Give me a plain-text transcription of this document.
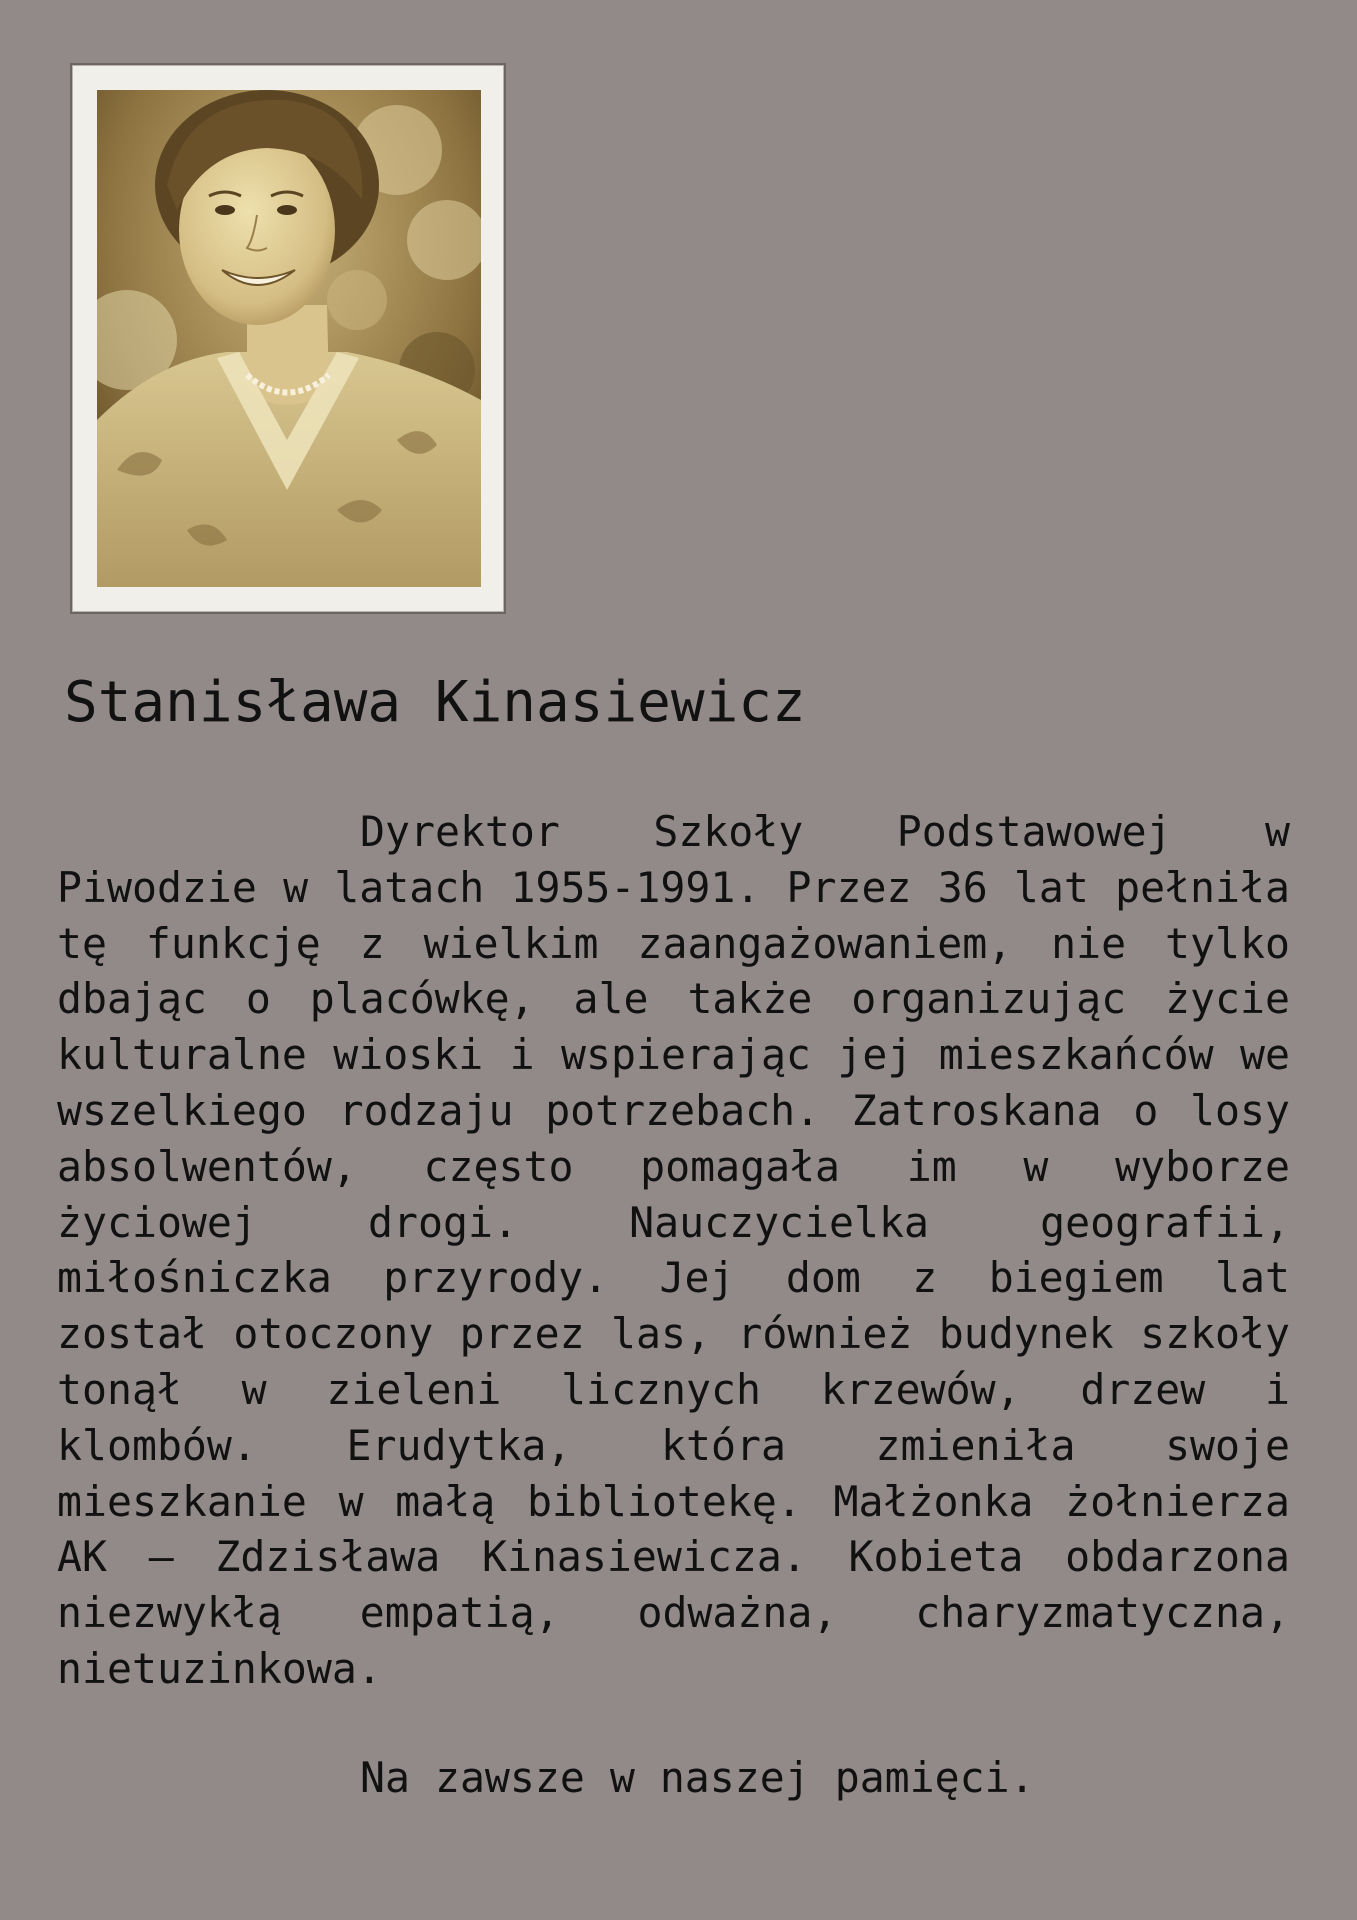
Stanisława Kinasiewicz

Dyrektor Szkoły Podstawowej w Piwodzie w latach 1955-1991. Przez 36 lat pełniła tę funkcję z wielkim zaangażowaniem, nie tylko dbając o placówkę, ale także organizując życie kulturalne wioski i wspierając jej mieszkańców we wszelkiego rodzaju potrzebach. Zatroskana o losy absolwentów, często pomagała im w wyborze życiowej drogi. Nauczycielka geografii, miłośniczka przyrody. Jej dom z biegiem lat został otoczony przez las, również budynek szkoły tonął w zieleni licznych krzewów, drzew i klombów. Erudytka, która zmieniła swoje mieszkanie w małą bibliotekę. Małżonka żołnierza AK – Zdzisława Kinasiewicza. Kobieta obdarzona niezwykłą empatią, odważna, charyzmatyczna, nietuzinkowa.

Na zawsze w naszej pamięci.
